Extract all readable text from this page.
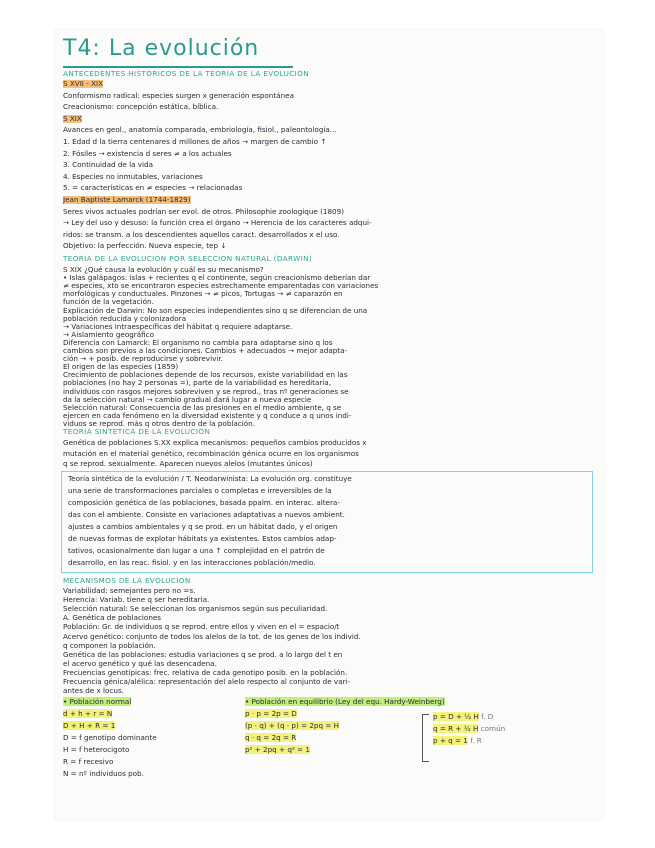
T4: La evolución
ANTECEDENTES HISTÓRICOS DE LA TEORÍA DE LA EVOLUCIÓN
S XVII - XIX
Conformismo radical: especies surgen x generación espontánea
Creacionismo: concepción estática, bíblica.
S XIX
Avances en geol., anatomía comparada, embriología, fisiol., paleontología...
1. Edad d la tierra centenares d millones de años → margen de cambio ↑
2. Fósiles → existencia d seres ≠ a los actuales
3. Continuidad de la vida
4. Especies no inmutables, variaciones
5. = características en ≠ especies → relacionadas
Jean Baptiste Lamarck (1744-1829)
Seres vivos actuales podrían ser evol. de otros. Philosophie zoologique (1809)
→ Ley del uso y desuso: la función crea el órgano → Herencia de los caracteres adqui-
ridos: se transm. a los descendientes aquellos caract. desarrollados x el uso.
Objetivo: la perfección. Nueva especie, tep ↓
TEORÍA DE LA EVOLUCIÓN POR SELECCIÓN NATURAL (DARWIN)
S XIX ¿Qué causa la evolución y cuál es su mecanismo?
• Islas galápagos: islas + recientes q el continente, según creacionismo deberían dar
≠ especies, xto se encontraron especies estrechamente emparentadas con variaciones
morfológicas y conductuales. Pinzones → ≠ picos, Tortugas → ≠ caparazón en
función de la vegetación.
Explicación de Darwin: No son especies independientes sino q se diferencian de una
población reducida y colonizadora
→ Variaciones intraespecíficas del hábitat q requiere adaptarse.
→ Aislamiento geográfico
Diferencia con Lamarck: El organismo no cambia para adaptarse sino q los
cambios son previos a las condiciones. Cambios + adecuados → mejor adapta-
ción → + posib. de reproducirse y sobrevivir.
El origen de las especies (1859)
Crecimiento de poblaciones depende de los recursos, existe variabilidad en las
poblaciones (no hay 2 personas =), parte de la variabilidad es hereditaria,
individuos con rasgos mejores sobreviven y se reprod., tras nº generaciones se
da la selección natural → cambio gradual dará lugar a nueva especie
Selección natural: Consecuencia de las presiones en el medio ambiente, q se
ejercen en cada fenómeno en la diversidad existente y q conduce a q unos indi-
viduos se reprod. más q otros dentro de la población.
TEORÍA SINTÉTICA DE LA EVOLUCIÓN
Genética de poblaciones S.XX explica mecanismos: pequeños cambios producidos x
mutación en el material genético, recombinación génica ocurre en los organismos
q se reprod. sexualmente. Aparecen nuevos alelos (mutantes únicos)
Teoría sintética de la evolución / T. Neodarwinista: La evolución org. constituye
una serie de transformaciones parciales o completas e irreversibles de la
composición genética de las poblaciones, basada ppalm. en interac. altera-
das con el ambiente. Consiste en variaciones adaptativas a nuevos ambient.
ajustes a cambios ambientales y q se prod. en un hábitat dado, y el origen
de nuevas formas de explotar hábitats ya existentes. Estos cambios adap-
tativos, ocasionalmente dan lugar a una ↑ complejidad en el patrón de
desarrollo, en las reac. fisiol. y en las interacciones población/medio.
MECANISMOS DE LA EVOLUCIÓN
Variabilidad: semejantes pero no =s.
Herencia: Variab. tiene q ser hereditaria.
Selección natural: Se seleccionan los organismos según sus peculiaridad.
A. Genética de poblaciones
Población: Gr. de individuos q se reprod. entre ellos y viven en el = espacio/t
Acervo genético: conjunto de todos los alelos de la tot. de los genes de los individ.
q componen la población.
Genética de las poblaciones: estudia variaciones q se prod. a lo largo del t en
el acervo genético y qué las desencadena.
Frecuencias genotípicas: frec. relativa de cada genotipo posib. en la población.
Frecuencia génica/alélica: representación del alelo respecto al conjunto de vari-
antes de x locus.
• Población normal
d + h + r = N
D + H + R = 1
D = f genotipo dominante
H = f heterocigoto
R = f recesivo
N = nº individuos pob.
• Población en equilibrio (Ley del equ. Hardy-Weinberg)
p · p = 2p = D
(p · q) + (q · p) = 2pq = H
q · q = 2q = R
p² + 2pq + q² = 1
p = D + ½ H f. D
q = R + ½ H común
p + q = 1 f. R
